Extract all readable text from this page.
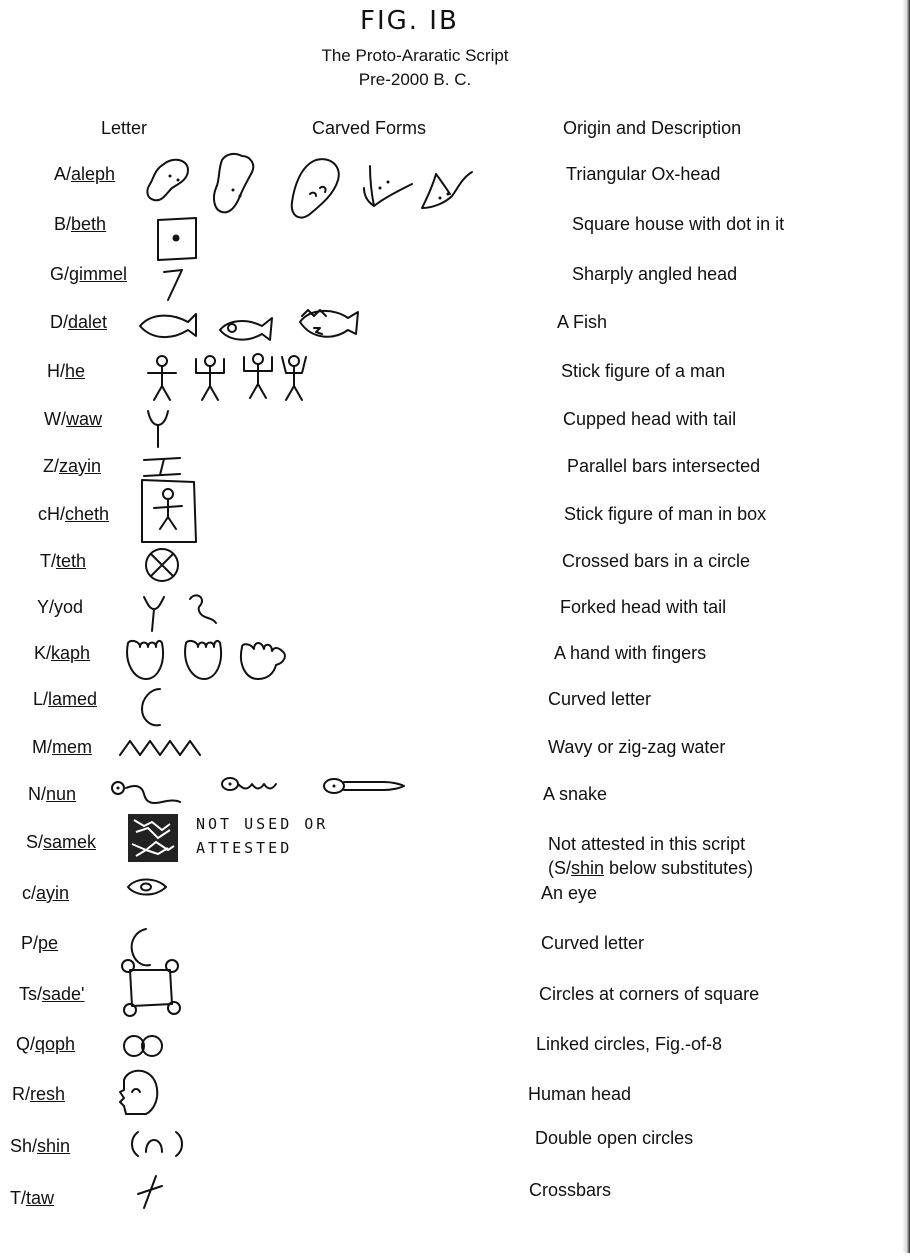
FIG. IB
The Proto-Araratic Script
Pre-2000 B. C.
Letter	Carved Forms	Origin and Description
A/aleph	Triangular Ox-head
B/beth	Square house with dot in it
G/gimmel	Sharply angled head
D/dalet	A Fish
H/he	Stick figure of a man
W/waw	Cupped head with tail
Z/zayin	Parallel bars intersected
cH/cheth	Stick figure of man in box
T/teth	Crossed bars in a circle
Y/yod	Forked head with tail
K/kaph	A hand with fingers
L/lamed	Curved letter
M/mem	Wavy or zig-zag water
N/nun	A snake
S/samek	Not attested in this script
(S/shin below substitutes)
NOT USED OR
ATTESTED
c/ayin	An eye
P/pe	Curved letter
Ts/sade'	Circles at corners of square
Q/qoph	Linked circles, Fig.-of-8
R/resh	Human head
Sh/shin	Double open circles
T/taw	Crossbars
